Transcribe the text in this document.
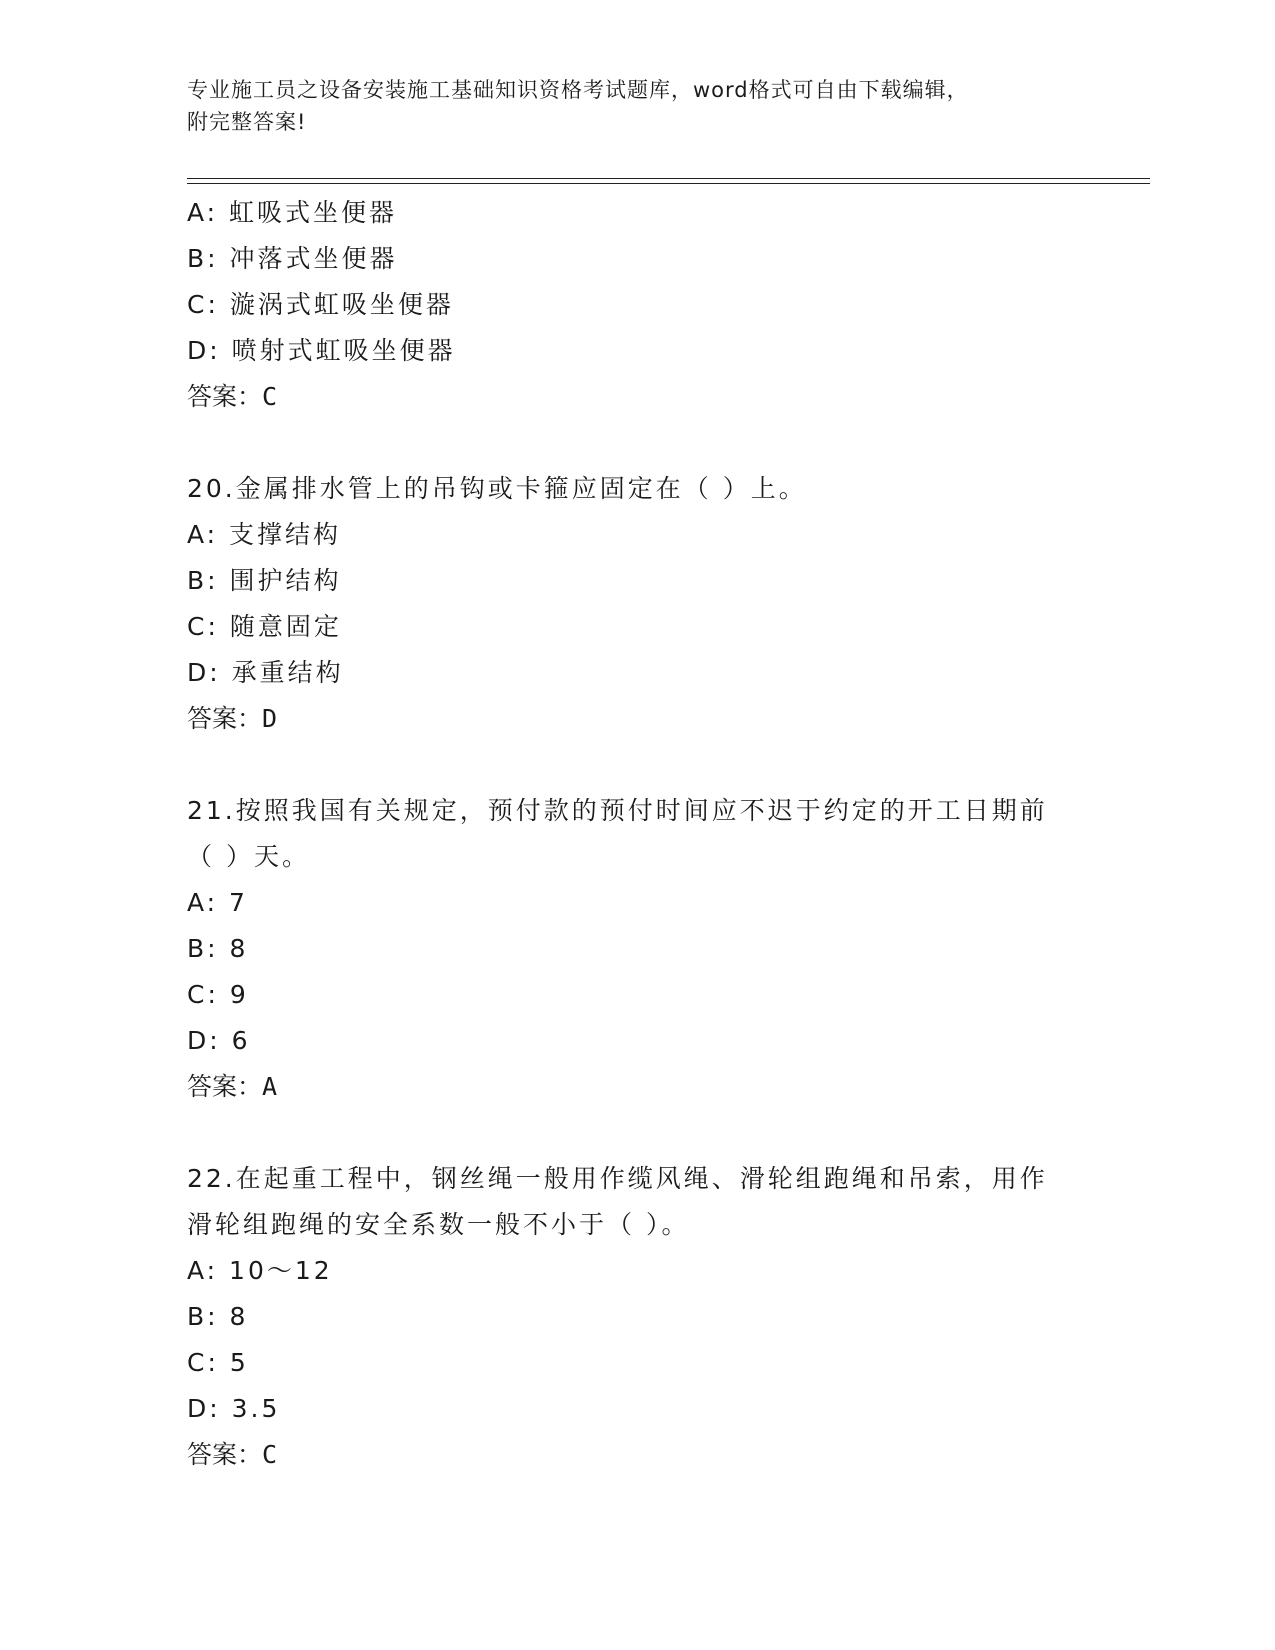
专业施工员之设备安装施工基础知识资格考试题库，word格式可自由下载编辑，
附完整答案!
A: 虹吸式坐便器
B: 冲落式坐便器
C: 漩涡式虹吸坐便器
D: 喷射式虹吸坐便器
答案：C
20.金属排水管上的吊钩或卡箍应固定在（ ）上。
A: 支撑结构
B: 围护结构
C: 随意固定
D: 承重结构
答案：D
21.按照我国有关规定，预付款的预付时间应不迟于约定的开工日期前
（ ）天。
A: 7
B: 8
C: 9
D: 6
答案：A
22.在起重工程中，钢丝绳一般用作缆风绳、滑轮组跑绳和吊索，用作
滑轮组跑绳的安全系数一般不小于（ ）。
A: 10～12
B: 8
C: 5
D: 3.5
答案：C
